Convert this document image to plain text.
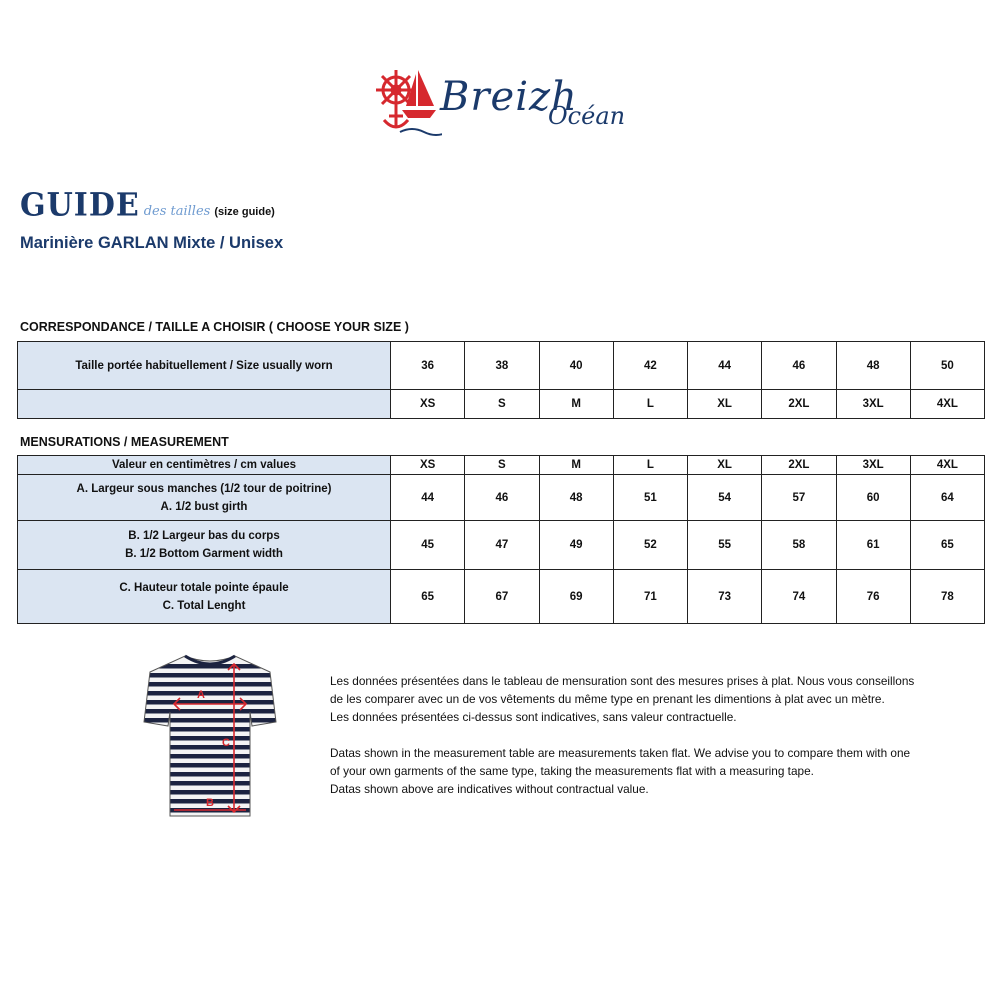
Breizh
Océan
GUIDE des tailles (size guide)
Marinière GARLAN Mixte / Unisex
CORRESPONDANCE / TAILLE A CHOISIR ( CHOOSE YOUR SIZE )
Taille portée habituellement / Size usually worn	36	38	40	42	44	46	48	50
	XS	S	M	L	XL	2XL	3XL	4XL
MENSURATIONS / MEASUREMENT
Valeur en centimètres / cm values	XS	S	M	L	XL	2XL	3XL	4XL

A. Largeur sous manches (1/2 tour de poitrine)
A. 1/2 bust girth	44	46	48	51	54	57	60	64

B. 1/2 Largeur bas du corps
B. 1/2 Bottom Garment width	45	47	49	52	55	58	61	65

C. Hauteur totale pointe épaule
C. Total Lenght	65	67	69	71	73	74	76	78
A
B
C

Les données présentées dans le tableau de mensuration sont des mesures prises à plat. Nous vous conseillons de les comparer avec un de vos vêtements du même type en prenant les dimentions à plat avec un mètre.

Les données présentées ci-dessus sont indicatives, sans valeur contractuelle.

Datas shown in the measurement table are measurements taken flat. We advise you to compare them with one of your own garments of the same type, taking the measurements flat with a measuring tape.

Datas shown above are indicatives without contractual value.
